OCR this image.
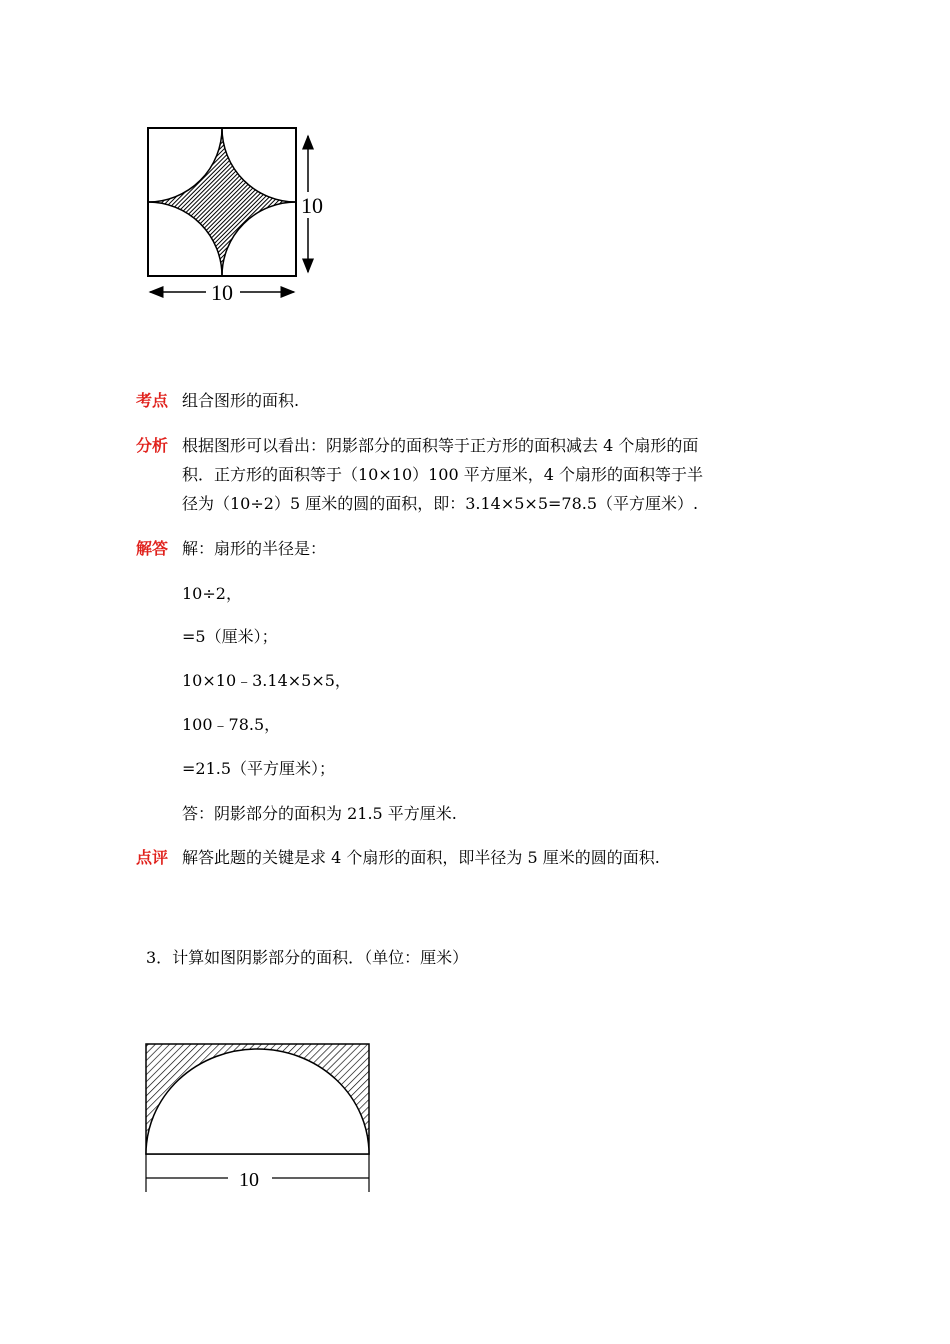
10
10
考点 组合图形的面积.
分析 根据图形可以看出：阴影部分的面积等于正方形的面积减去 4 个扇形的面
积．正方形的面积等于（10×10）100 平方厘米，4 个扇形的面积等于半
径为（10÷2）5 厘米的圆的面积，即：3.14×5×5=78.5（平方厘米）.
解答 解：扇形的半径是：
10÷2，
=5（厘米）；
10×10﹣3.14×5×5，
100﹣78.5，
=21.5（平方厘米）；
答：阴影部分的面积为 21.5 平方厘米.
点评 解答此题的关键是求 4 个扇形的面积，即半径为 5 厘米的圆的面积.
3．计算如图阴影部分的面积．（单位：厘米）
10
